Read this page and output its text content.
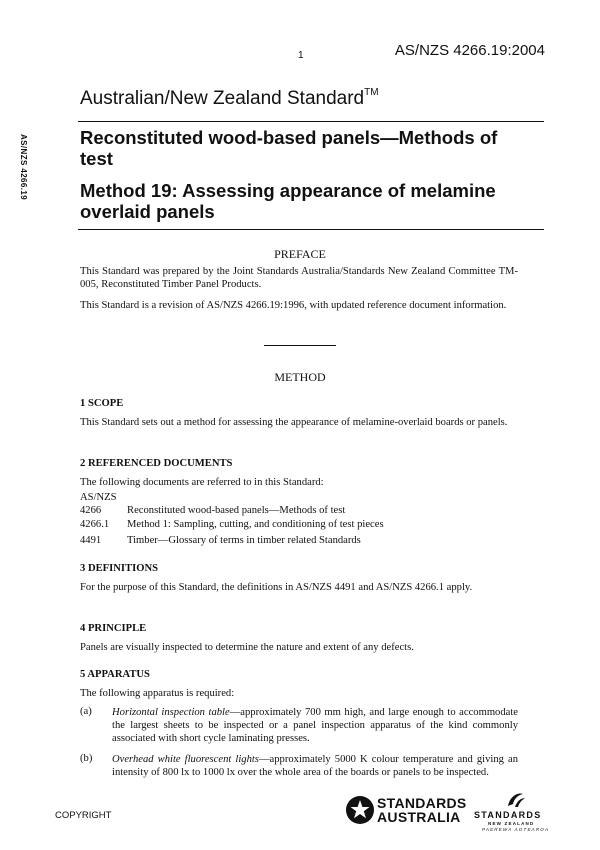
1	AS/NZS 4266.19:2004
Australian/New Zealand Standard™
AS/NZS 4266.19	Reconstituted wood-based panels—Methods of
test
Method 19: Assessing appearance of melamine
overlaid panels
PREFACE
This Standard was prepared by the Joint Standards Australia/Standards New Zealand Committee TM-005, Reconstituted Timber Panel Products.
This Standard is a revision of AS/NZS 4266.19:1996, with updated reference document information.
METHOD
1 SCOPE
This Standard sets out a method for assessing the appearance of melamine-overlaid boards or panels.
2 REFERENCED DOCUMENTS
The following documents are referred to in this Standard:
AS/NZS
4266	Reconstituted wood-based panels—Methods of test
4266.1	Method 1: Sampling, cutting, and conditioning of test pieces
4491	Timber—Glossary of terms in timber related Standards
3 DEFINITIONS
For the purpose of this Standard, the definitions in AS/NZS 4491 and AS/NZS 4266.1 apply.
4 PRINCIPLE
Panels are visually inspected to determine the nature and extent of any defects.
5 APPARATUS
The following apparatus is required:
(a) Horizontal inspection table—approximately 700 mm high, and large enough to accommodate the largest sheets to be inspected or a panel inspection apparatus of the kind commonly associated with short cycle laminating presses.
(b) Overhead white fluorescent lights—approximately 5000 K colour temperature and giving an intensity of 800 lx to 1000 lx over the whole area of the boards or panels to be inspected.
COPYRIGHT
STANDARDS
AUSTRALIA	STANDARDS
NEW ZEALAND
PAEREWA AOTEAROA
